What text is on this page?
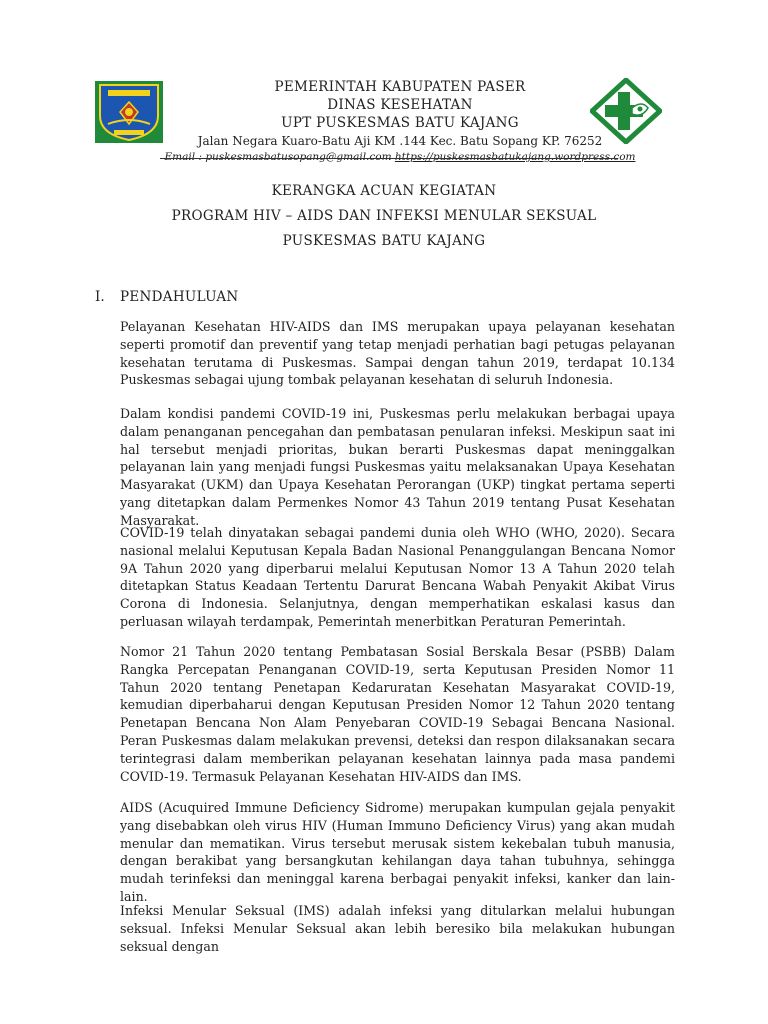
PEMERINTAH KABUPATEN PASER
DINAS KESEHATAN
UPT PUSKESMAS BATU KAJANG
Jalan Negara Kuaro-Batu Aji KM .144 Kec. Batu Sopang KP. 76252
Email : puskesmasbatusopang@gmail.com https://puskesmasbatukajang.wordpress.com
KERANGKA ACUAN KEGIATAN
PROGRAM HIV – AIDS DAN INFEKSI MENULAR SEKSUAL
PUSKESMAS BATU KAJANG
I. PENDAHULUAN

Pelayanan Kesehatan HIV-AIDS dan IMS merupakan upaya pelayanan kesehatan seperti promotif dan preventif yang tetap menjadi perhatian bagi petugas pelayanan kesehatan terutama di Puskesmas. Sampai dengan tahun 2019, terdapat 10.134 Puskesmas sebagai ujung tombak pelayanan kesehatan di seluruh Indonesia.

Dalam kondisi pandemi COVID-19 ini, Puskesmas perlu melakukan berbagai upaya dalam penanganan pencegahan dan pembatasan penularan infeksi. Meskipun saat ini hal tersebut menjadi prioritas, bukan berarti Puskesmas dapat meninggalkan pelayanan lain yang menjadi fungsi Puskesmas yaitu melaksanakan Upaya Kesehatan Masyarakat (UKM) dan Upaya Kesehatan Perorangan (UKP) tingkat pertama seperti yang ditetapkan dalam Permenkes Nomor 43 Tahun 2019 tentang Pusat Kesehatan Masyarakat.

COVID-19 telah dinyatakan sebagai pandemi dunia oleh WHO (WHO, 2020). Secara nasional melalui Keputusan Kepala Badan Nasional Penanggulangan Bencana Nomor 9A Tahun 2020 yang diperbarui melalui Keputusan Nomor 13 A Tahun 2020 telah ditetapkan Status Keadaan Tertentu Darurat Bencana Wabah Penyakit Akibat Virus Corona di Indonesia. Selanjutnya, dengan memperhatikan eskalasi kasus dan perluasan wilayah terdampak, Pemerintah menerbitkan Peraturan Pemerintah.

Nomor 21 Tahun 2020 tentang Pembatasan Sosial Berskala Besar (PSBB) Dalam Rangka Percepatan Penanganan COVID-19, serta Keputusan Presiden Nomor 11 Tahun 2020 tentang Penetapan Kedaruratan Kesehatan Masyarakat COVID-19, kemudian diperbaharui dengan Keputusan Presiden Nomor 12 Tahun 2020 tentang Penetapan Bencana Non Alam Penyebaran COVID-19 Sebagai Bencana Nasional. Peran Puskesmas dalam melakukan prevensi, deteksi dan respon dilaksanakan secara terintegrasi dalam memberikan pelayanan kesehatan lainnya pada masa pandemi COVID-19. Termasuk Pelayanan Kesehatan HIV-AIDS dan IMS.

AIDS (Acuquired Immune Deficiency Sidrome) merupakan kumpulan gejala penyakit yang disebabkan oleh virus HIV (Human Immuno Deficiency Virus) yang akan mudah menular dan mematikan. Virus tersebut merusak sistem kekebalan tubuh manusia, dengan berakibat yang bersangkutan kehilangan daya tahan tubuhnya, sehingga mudah terinfeksi dan meninggal karena berbagai penyakit infeksi, kanker dan lain-lain.

Infeksi Menular Seksual (IMS) adalah infeksi yang ditularkan melalui hubungan seksual. Infeksi Menular Seksual akan lebih beresiko bila melakukan hubungan seksual dengan
